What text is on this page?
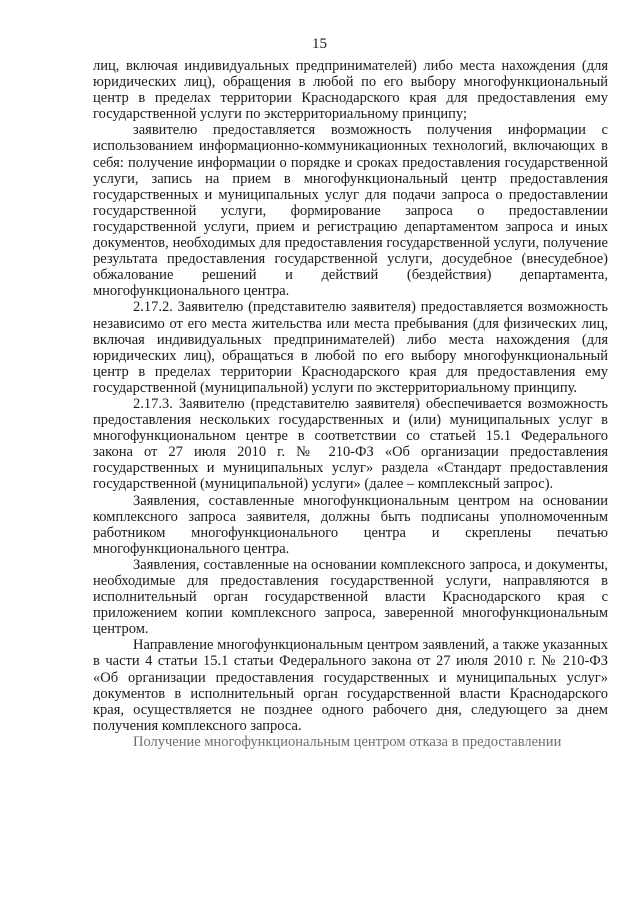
15

лиц, включая индивидуальных предпринимателей) либо места нахождения (для юридических лиц), обращения в любой по его выбору многофункциональный центр в пределах территории Краснодарского края для предоставления ему государственной услуги по экстерриториальному принципу;

заявителю предоставляется возможность получения информации с использованием информационно-коммуникационных технологий, включающих в себя: получение информации о порядке и сроках предоставления государственной услуги, запись на прием в многофункциональный центр предоставления государственных и муниципальных услуг для подачи запроса о предоставлении государственной услуги, формирование запроса о предоставлении государственной услуги, прием и регистрацию департаментом запроса и иных документов, необходимых для предоставления государственной услуги, получение результата предоставления государственной услуги, досудебное (внесудебное) обжалование решений и действий (бездействия) департамента, многофункционального центра.

2.17.2. Заявителю (представителю заявителя) предоставляется возможность независимо от его места жительства или места пребывания (для физических лиц, включая индивидуальных предпринимателей) либо места нахождения (для юридических лиц), обращаться в любой по его выбору многофункциональный центр в пределах территории Краснодарского края для предоставления ему государственной (муниципальной) услуги по экстерриториальному принципу.

2.17.3. Заявителю (представителю заявителя) обеспечивается возможность предоставления нескольких государственных и (или) муниципальных услуг в многофункциональном центре в соответствии со статьей 15.1 Федерального закона от 27 июля 2010 г. № 210-ФЗ «Об организации предоставления государственных и муниципальных услуг» раздела «Стандарт предоставления государственной (муниципальной) услуги» (далее – комплексный запрос).

Заявления, составленные многофункциональным центром на основании комплексного запроса заявителя, должны быть подписаны уполномоченным работником многофункционального центра и скреплены печатью многофункционального центра.

Заявления, составленные на основании комплексного запроса, и документы, необходимые для предоставления государственной услуги, направляются в исполнительный орган государственной власти Краснодарского края с приложением копии комплексного запроса, заверенной многофункциональным центром.

Направление многофункциональным центром заявлений, а также указанных в части 4 статьи 15.1 статьи Федерального закона от 27 июля 2010 г. № 210-ФЗ «Об организации предоставления государственных и муниципальных услуг» документов в исполнительный орган государственной власти Краснодарского края, осуществляется не позднее одного рабочего дня, следующего за днем получения комплексного запроса.

Получение многофункциональным центром отказа в предоставлении
